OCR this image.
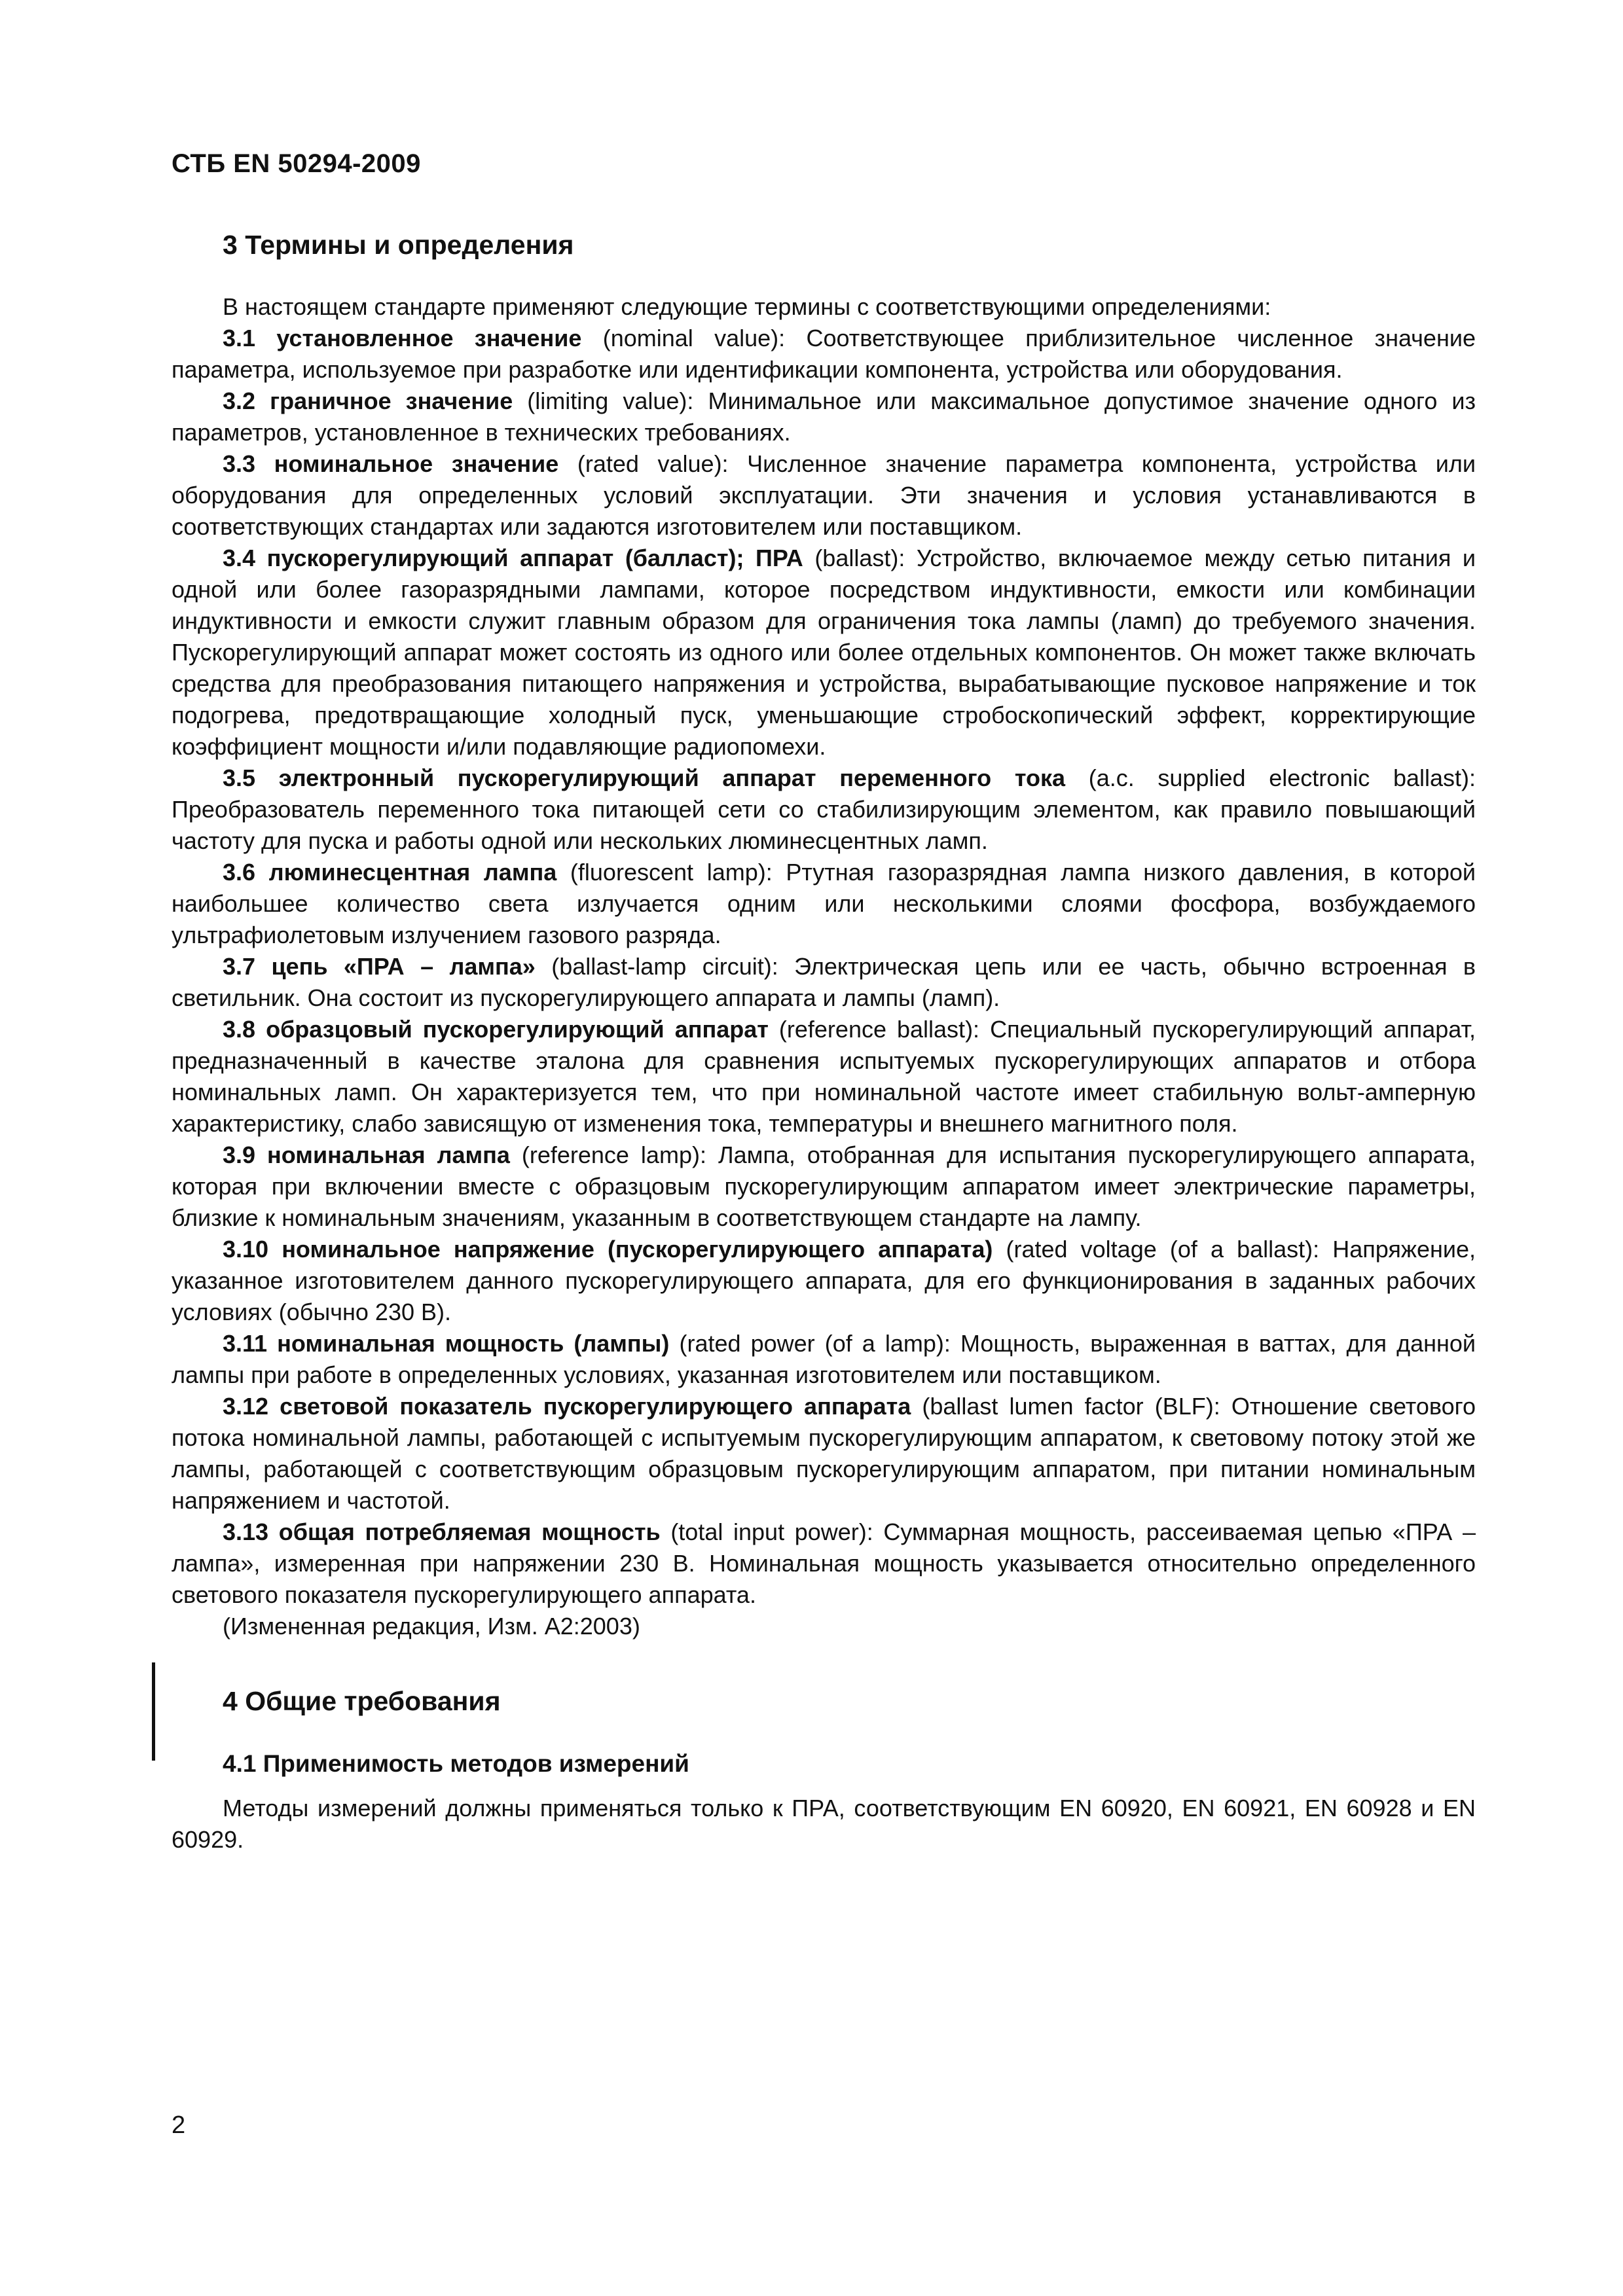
СТБ EN 50294-2009
3 Термины и определения

В настоящем стандарте применяют следующие термины с соответствующими определениями:

3.1 установленное значение (nominal value): Соответствующее приблизительное численное значение параметра, используемое при разработке или идентификации компонента, устройства или оборудования.

3.2 граничное значение (limiting value): Минимальное или максимальное допустимое значение одного из параметров, установленное в технических требованиях.

3.3 номинальное значение (rated value): Численное значение параметра компонента, устройства или оборудования для определенных условий эксплуатации. Эти значения и условия устанавливаются в соответствующих стандартах или задаются изготовителем или поставщиком.

3.4 пускорегулирующий аппарат (балласт); ПРА (ballast): Устройство, включаемое между сетью питания и одной или более газоразрядными лампами, которое посредством индуктивности, емкости или комбинации индуктивности и емкости служит главным образом для ограничения тока лампы (ламп) до требуемого значения. Пускорегулирующий аппарат может состоять из одного или более отдельных компонентов. Он может также включать средства для преобразования питающего напряжения и устройства, вырабатывающие пусковое напряжение и ток подогрева, предотвращающие холодный пуск, уменьшающие стробоскопический эффект, корректирующие коэффициент мощности и/или подавляющие радиопомехи.

3.5 электронный пускорегулирующий аппарат переменного тока (a.c. supplied electronic ballast): Преобразователь переменного тока питающей сети со стабилизирующим элементом, как правило повышающий частоту для пуска и работы одной или нескольких люминесцентных ламп.

3.6 люминесцентная лампа (fluorescent lamp): Ртутная газоразрядная лампа низкого давления, в которой наибольшее количество света излучается одним или несколькими слоями фосфора, возбуждаемого ультрафиолетовым излучением газового разряда.

3.7 цепь «ПРА – лампа» (ballast-lamp circuit): Электрическая цепь или ее часть, обычно встроенная в светильник. Она состоит из пускорегулирующего аппарата и лампы (ламп).

3.8 образцовый пускорегулирующий аппарат (reference ballast): Специальный пускорегулирующий аппарат, предназначенный в качестве эталона для сравнения испытуемых пускорегулирующих аппаратов и отбора номинальных ламп. Он характеризуется тем, что при номинальной частоте имеет стабильную вольт-амперную характеристику, слабо зависящую от изменения тока, температуры и внешнего магнитного поля.

3.9 номинальная лампа (reference lamp): Лампа, отобранная для испытания пускорегулирующего аппарата, которая при включении вместе с образцовым пускорегулирующим аппаратом имеет электрические параметры, близкие к номинальным значениям, указанным в соответствующем стандарте на лампу.

3.10 номинальное напряжение (пускорегулирующего аппарата) (rated voltage (of a ballast): Напряжение, указанное изготовителем данного пускорегулирующего аппарата, для его функционирования в заданных рабочих условиях (обычно 230 В).

3.11 номинальная мощность (лампы) (rated power (of a lamp): Мощность, выраженная в ваттах, для данной лампы при работе в определенных условиях, указанная изготовителем или поставщиком.

3.12 световой показатель пускорегулирующего аппарата (ballast lumen factor (BLF): Отношение светового потока номинальной лампы, работающей с испытуемым пускорегулирующим аппаратом, к световому потоку этой же лампы, работающей с соответствующим образцовым пускорегулирующим аппаратом, при питании номинальным напряжением и частотой.

3.13 общая потребляемая мощность (total input power): Суммарная мощность, рассеиваемая цепью «ПРА – лампа», измеренная при напряжении 230 В. Номинальная мощность указывается относительно определенного светового показателя пускорегулирующего аппарата.

(Измененная редакция, Изм. А2:2003)

4 Общие требования
4.1 Применимость методов измерений

Методы измерений должны применяться только к ПРА, соответствующим EN 60920, EN 60921, EN 60928 и EN 60929.

2
